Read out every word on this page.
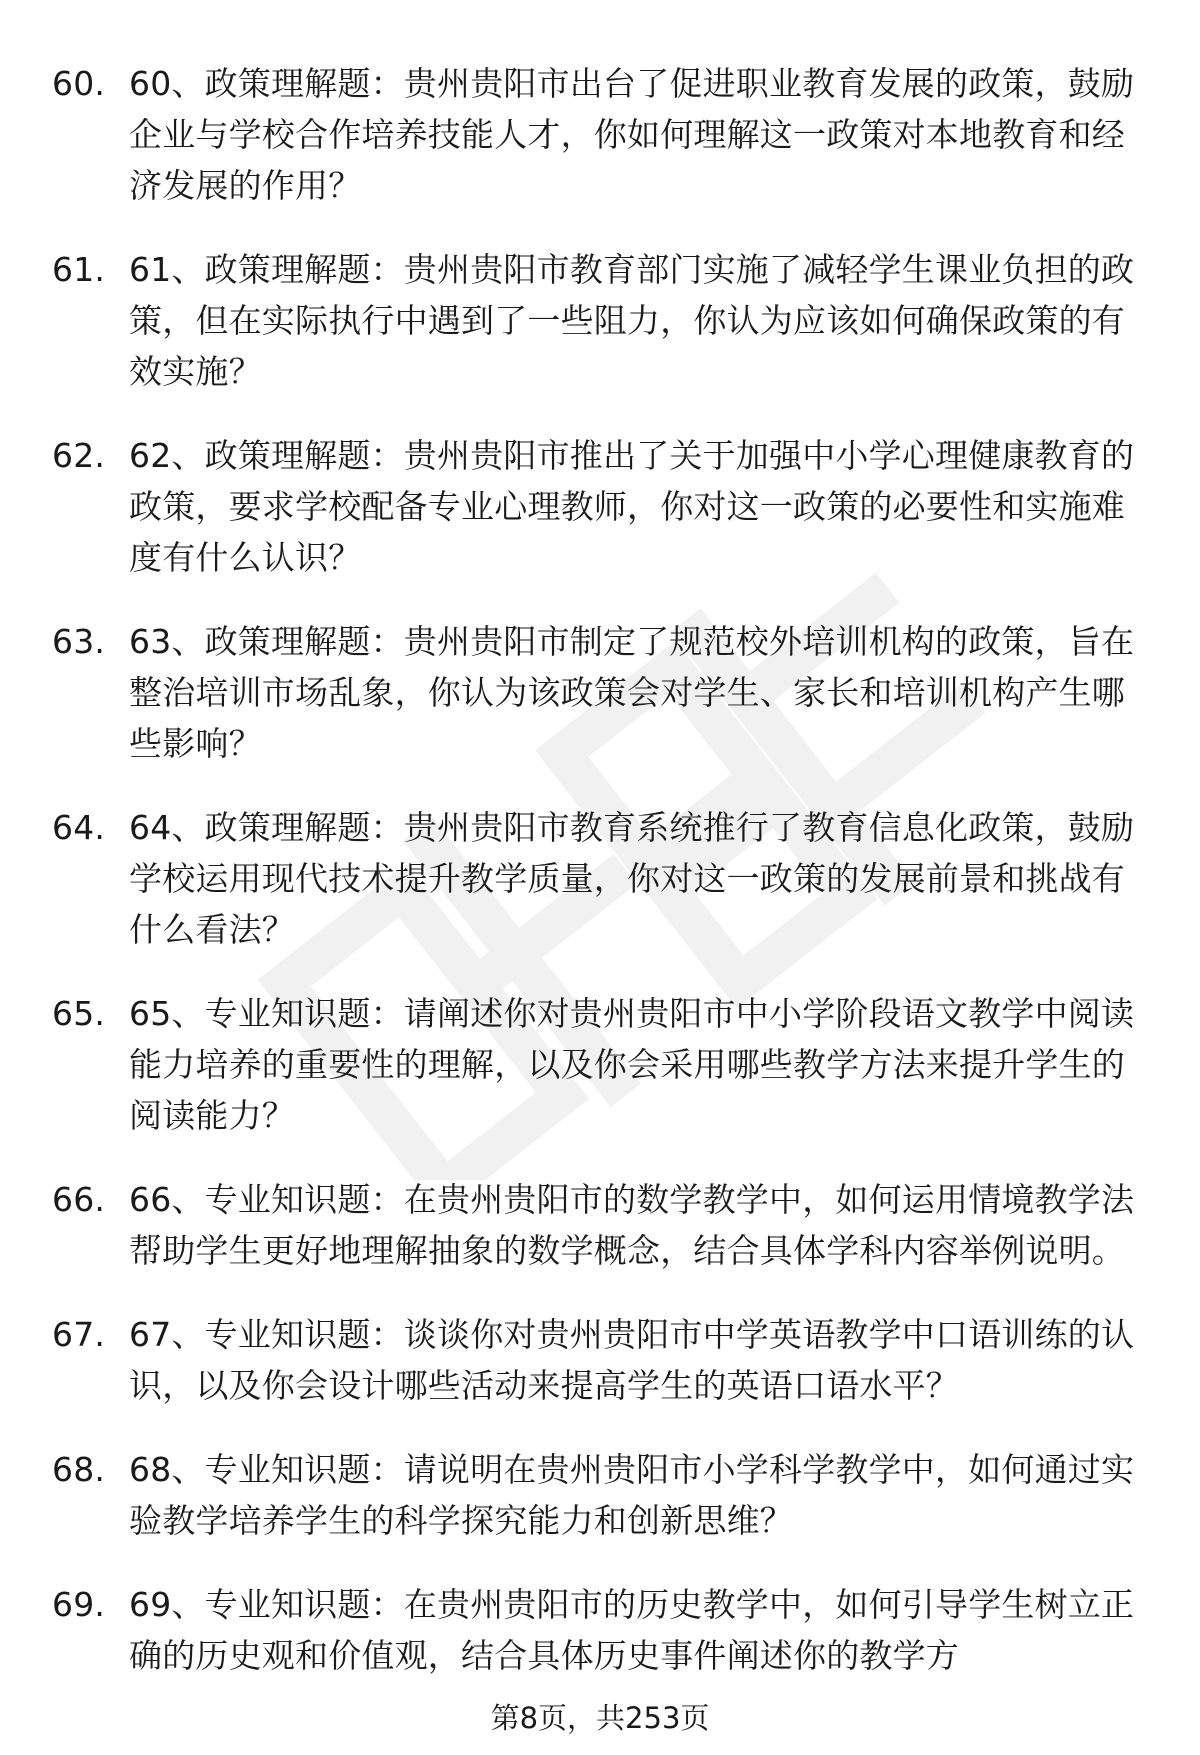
60. 60、政策理解题：贵州贵阳市出台了促进职业教育发展的政策，鼓励企业与学校合作培养技能人才，你如何理解这一政策对本地教育和经济发展的作用？
61. 61、政策理解题：贵州贵阳市教育部门实施了减轻学生课业负担的政策，但在实际执行中遇到了一些阻力，你认为应该如何确保政策的有效实施？
62. 62、政策理解题：贵州贵阳市推出了关于加强中小学心理健康教育的政策，要求学校配备专业心理教师，你对这一政策的必要性和实施难度有什么认识？
63. 63、政策理解题：贵州贵阳市制定了规范校外培训机构的政策，旨在整治培训市场乱象，你认为该政策会对学生、家长和培训机构产生哪些影响？
64. 64、政策理解题：贵州贵阳市教育系统推行了教育信息化政策，鼓励学校运用现代技术提升教学质量，你对这一政策的发展前景和挑战有什么看法？
65. 65、专业知识题：请阐述你对贵州贵阳市中小学阶段语文教学中阅读能力培养的重要性的理解，以及你会采用哪些教学方法来提升学生的阅读能力？
66. 66、专业知识题：在贵州贵阳市的数学教学中，如何运用情境教学法帮助学生更好地理解抽象的数学概念，结合具体学科内容举例说明。
67. 67、专业知识题：谈谈你对贵州贵阳市中学英语教学中口语训练的认识，以及你会设计哪些活动来提高学生的英语口语水平？
68. 68、专业知识题：请说明在贵州贵阳市小学科学教学中，如何通过实验教学培养学生的科学探究能力和创新思维？
69. 69、专业知识题：在贵州贵阳市的历史教学中，如何引导学生树立正确的历史观和价值观，结合具体历史事件阐述你的教学方
第8页，共253页
